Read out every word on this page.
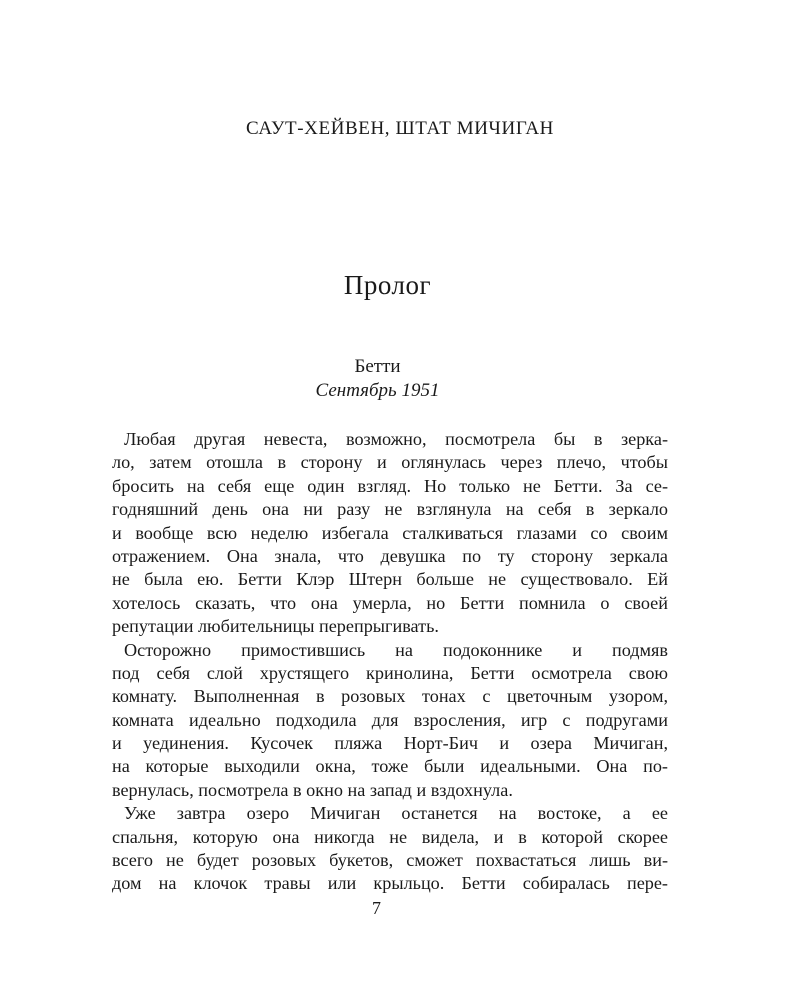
САУТ-ХЕЙВЕН, ШТАТ МИЧИГАН
Пролог
Бетти
Сентябрь 1951
Любая другая невеста, возможно, посмотрела бы в зерка-
ло, затем отошла в сторону и оглянулась через плечо, чтобы
бросить на себя еще один взгляд. Но только не Бетти. За се-
годняшний день она ни разу не взглянула на себя в зеркало
и вообще всю неделю избегала сталкиваться глазами со своим
отражением. Она знала, что девушка по ту сторону зеркала
не была ею. Бетти Клэр Штерн больше не существовало. Ей
хотелось сказать, что она умерла, но Бетти помнила о своей
репутации любительницы перепрыгивать.
Осторожно примостившись на подоконнике и подмяв
под себя слой хрустящего кринолина, Бетти осмотрела свою
комнату. Выполненная в розовых тонах с цветочным узором,
комната идеально подходила для взросления, игр с подругами
и уединения. Кусочек пляжа Норт-Бич и озера Мичиган,
на которые выходили окна, тоже были идеальными. Она по-
вернулась, посмотрела в окно на запад и вздохнула.
Уже завтра озеро Мичиган останется на востоке, а ее
спальня, которую она никогда не видела, и в которой скорее
всего не будет розовых букетов, сможет похвастаться лишь ви-
дом на клочок травы или крыльцо. Бетти собиралась пере-
7
